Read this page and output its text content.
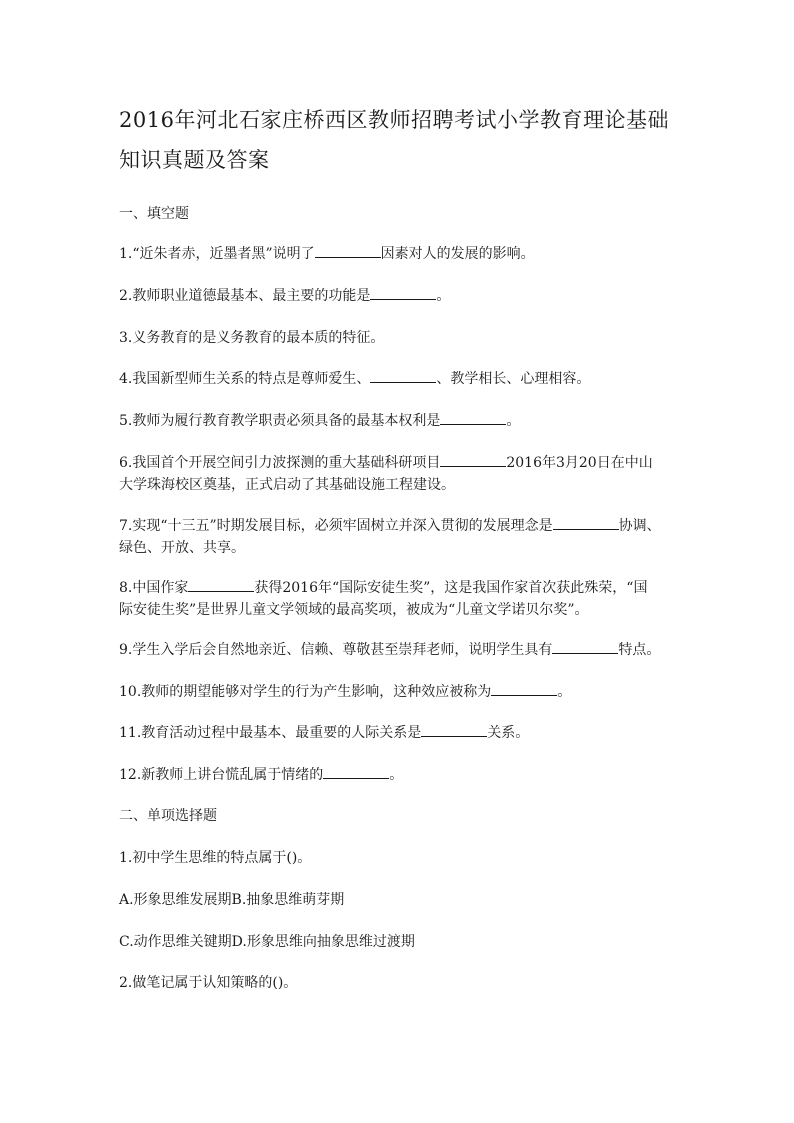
2016年河北石家庄桥西区教师招聘考试小学教育理论基础
知识真题及答案
一、填空题
1.“近朱者赤，近墨者黑”说明了	因素对人的发展的影响。
2.教师职业道德最基本、最主要的功能是	。
3.义务教育的是义务教育的最本质的特征。
4.我国新型师生关系的特点是尊师爱生、	、教学相长、心理相容。
5.教师为履行教育教学职责必须具备的最基本权利是	。
6.我国首个开展空间引力波探测的重大基础科研项目	2016年3月20日在中山
大学珠海校区奠基，正式启动了其基础设施工程建设。
7.实现“十三五”时期发展目标，必须牢固树立并深入贯彻的发展理念是	协调、
绿色、开放、共享。
8.中国作家	获得2016年“国际安徒生奖”，这是我国作家首次获此殊荣，“国
际安徒生奖”是世界儿童文学领域的最高奖项，被成为“儿童文学诺贝尔奖”。
9.学生入学后会自然地亲近、信赖、尊敬甚至崇拜老师，说明学生具有	特点。
10.教师的期望能够对学生的行为产生影响，这种效应被称为	。
11.教育活动过程中最基本、最重要的人际关系是	关系。
12.新教师上讲台慌乱属于情绪的	。
二、单项选择题
1.初中学生思维的特点属于()。
A.形象思维发展期B.抽象思维萌芽期
C.动作思维关键期D.形象思维向抽象思维过渡期
2.做笔记属于认知策略的()。
